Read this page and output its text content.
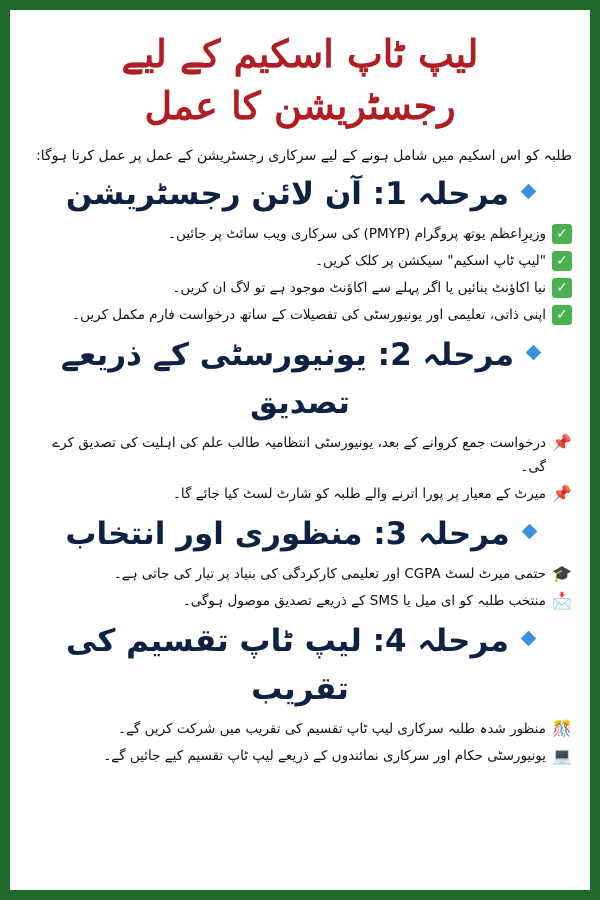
لیپ ٹاپ اسکیم کے لیے رجسٹریشن کا عمل
طلبہ کو اس اسکیم میں شامل ہونے کے لیے سرکاری رجسٹریشن کے عمل پر عمل کرنا ہوگا:
مرحلہ 1: آن لائن رجسٹریشن
✓
وزیرِاعظم یوتھ پروگرام (PMYP) کی سرکاری ویب سائٹ پر جائیں۔
✓
"لیپ ٹاپ اسکیم" سیکشن پر کلک کریں۔
✓
نیا اکاؤنٹ بنائیں یا اگر پہلے سے اکاؤنٹ موجود ہے تو لاگ ان کریں۔
✓
اپنی ذاتی، تعلیمی اور یونیورسٹی کی تفصیلات کے ساتھ درخواست فارم مکمل کریں۔
مرحلہ 2: یونیورسٹی کے ذریعے تصدیق
📌
درخواست جمع کروانے کے بعد، یونیورسٹی انتظامیہ طالب علم کی اہلیت کی تصدیق کرے گی۔
📌
میرٹ کے معیار پر پورا اترنے والے طلبہ کو شارٹ لسٹ کیا جائے گا۔
مرحلہ 3: منظوری اور انتخاب
🎓
حتمی میرٹ لسٹ CGPA اور تعلیمی کارکردگی کی بنیاد پر تیار کی جاتی ہے۔
📩
منتخب طلبہ کو ای میل یا SMS کے ذریعے تصدیق موصول ہوگی۔
مرحلہ 4: لیپ ٹاپ تقسیم کی تقریب
🎊
منظور شدہ طلبہ سرکاری لیپ ٹاپ تقسیم کی تقریب میں شرکت کریں گے۔
💻
یونیورسٹی حکام اور سرکاری نمائندوں کے ذریعے لیپ ٹاپ تقسیم کیے جائیں گے۔
